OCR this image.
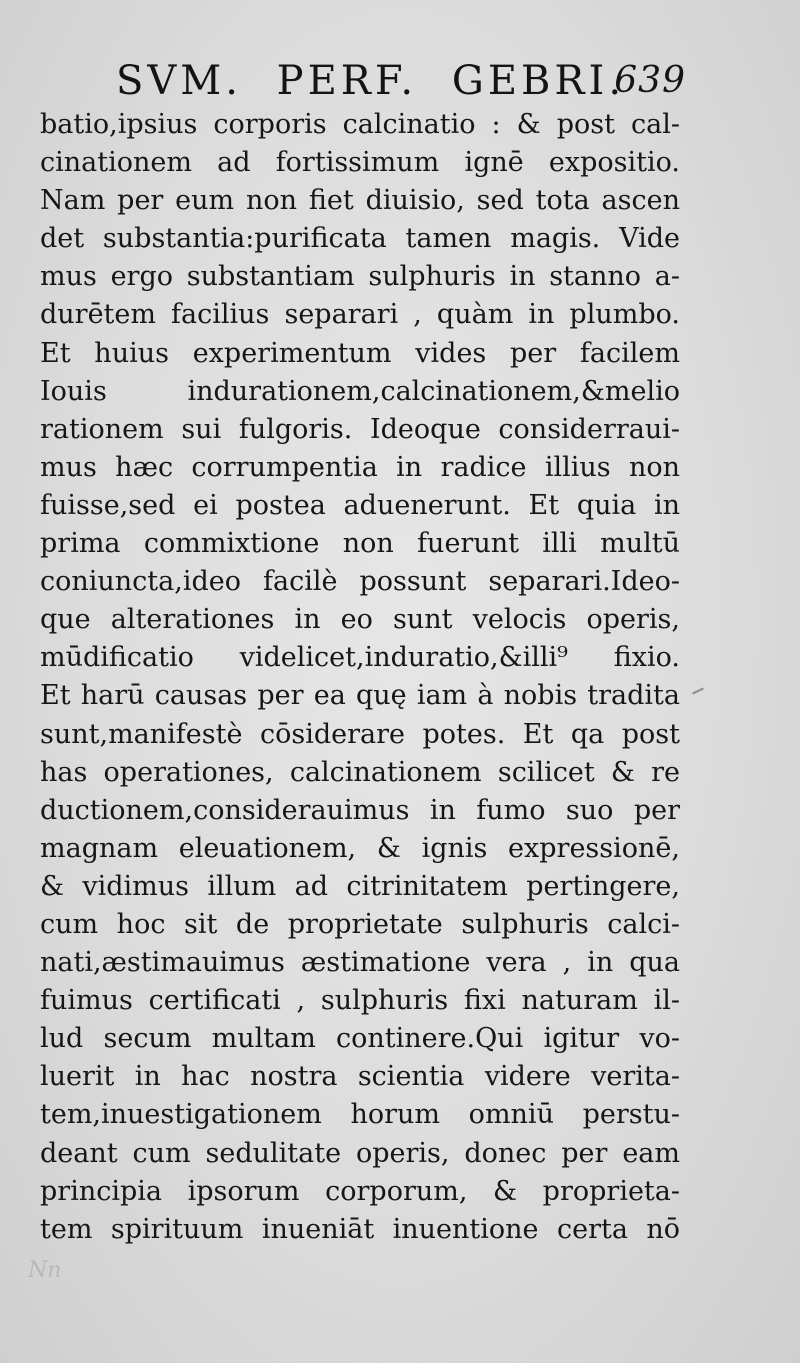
SVM. PERF. GEBRI.
639
batio,ipsius corporis calcinatio : & post cal-
cinationem ad fortissimum ignē expositio.
Nam per eum non fiet diuisio, sed tota ascen
det substantia:purificata tamen magis. Vide
mus ergo substantiam sulphuris in stanno a-
durētem facilius separari , quàm in plumbo.
Et huius experimentum vides per facilem
Iouis indurationem,calcinationem,&melio
rationem sui fulgoris. Ideoque considerraui-
mus hæc corrumpentia in radice illius non
fuisse,sed ei postea aduenerunt. Et quia in
prima commixtione non fuerunt illi multū
coniuncta,ideo facilè possunt separari.Ideo-
que alterationes in eo sunt velocis operis,
mūdificatio videlicet,induratio,&illi⁹ fixio.
Et harū causas per ea quę iam à nobis tradita
sunt,manifestè cōsiderare potes. Et qa post
has operationes, calcinationem scilicet & re
ductionem,considerauimus in fumo suo per
magnam eleuationem, & ignis expressionē,
& vidimus illum ad citrinitatem pertingere,
cum hoc sit de proprietate sulphuris calci-
nati,æstimauimus æstimatione vera , in qua
fuimus certificati , sulphuris fixi naturam il-
lud secum multam continere.Qui igitur vo-
luerit in hac nostra scientia videre verita-
tem,inuestigationem horum omniū perstu-
deant cum sedulitate operis, donec per eam
principia ipsorum corporum, & proprieta-
tem spirituum inueniāt inuentione certa nō
Nn
